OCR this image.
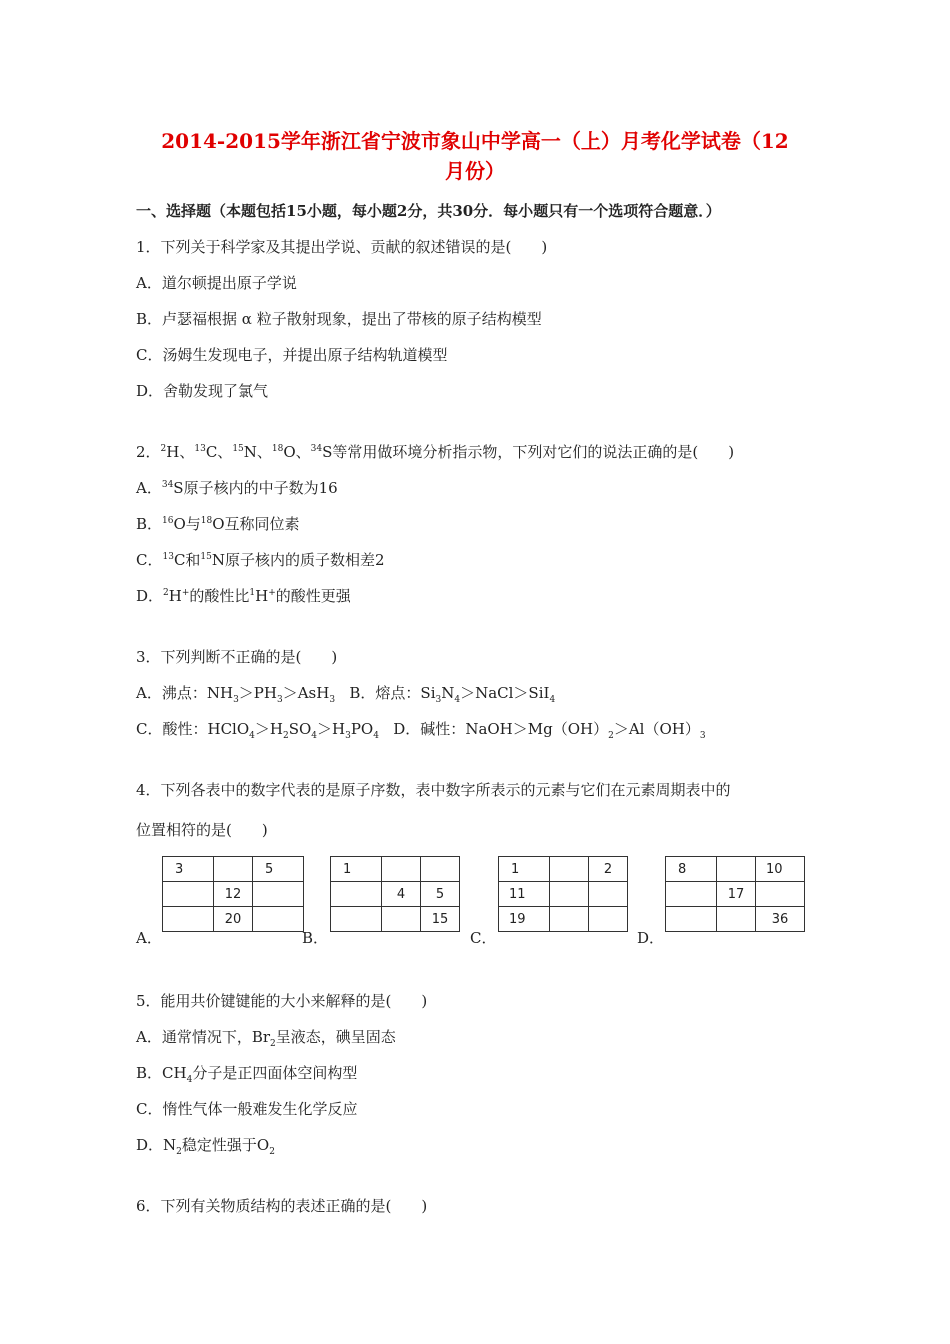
2014-2015学年浙江省宁波市象山中学高一（上）月考化学试卷（12
月份）
一、选择题（本题包括15小题，每小题2分，共30分．每小题只有一个选项符合题意．）
1．下列关于科学家及其提出学说、贡献的叙述错误的是(　　)
A．道尔顿提出原子学说
B．卢瑟福根据 α 粒子散射现象，提出了带核的原子结构模型
C．汤姆生发现电子，并提出原子结构轨道模型
D．舍勒发现了氯气
2．$^2$H、$^{13}$C、$^{15}$N、$^{18}$O、$^{34}$S等常用做环境分析指示物，下列对它们的说法正确的是(　　)
A．$^{34}$S原子核内的中子数为16
B．$^{16}$O与$^{18}$O互称同位素
C．$^{13}$C和$^{15}$N原子核内的质子数相差2
D．$^2$H+的酸性比$^1$H+的酸性更强
3．下列判断不正确的是(　　)
A．沸点：$NH_3>PH_3>AsH_3$ B．熔点：$Si_3N_4>NaCl>SiI_4$
C．酸性：$HClO_4>H_2SO_4>H_3PO_4$ D．碱性：$NaOH>Mg(OH)_2>Al(OH)_3$
4．下列各表中的数字代表的是原子序数，表中数字所表示的元素与它们在元素周期表中的
位置相符的是(　　)
A．
3		5
	12	
	20	
B．
1		
	4	5
		15
C．
1		2
11		
19		
D．
8		10
	17	
		36
5．能用共价键键能的大小来解释的是(　　)
A．通常情况下，$Br_2$呈液态，碘呈固态
B．$CH_4$分子是正四面体空间构型
C．惰性气体一般难发生化学反应
D．$N_2$稳定性强于$O_2$
6．下列有关物质结构的表述正确的是(　　)
